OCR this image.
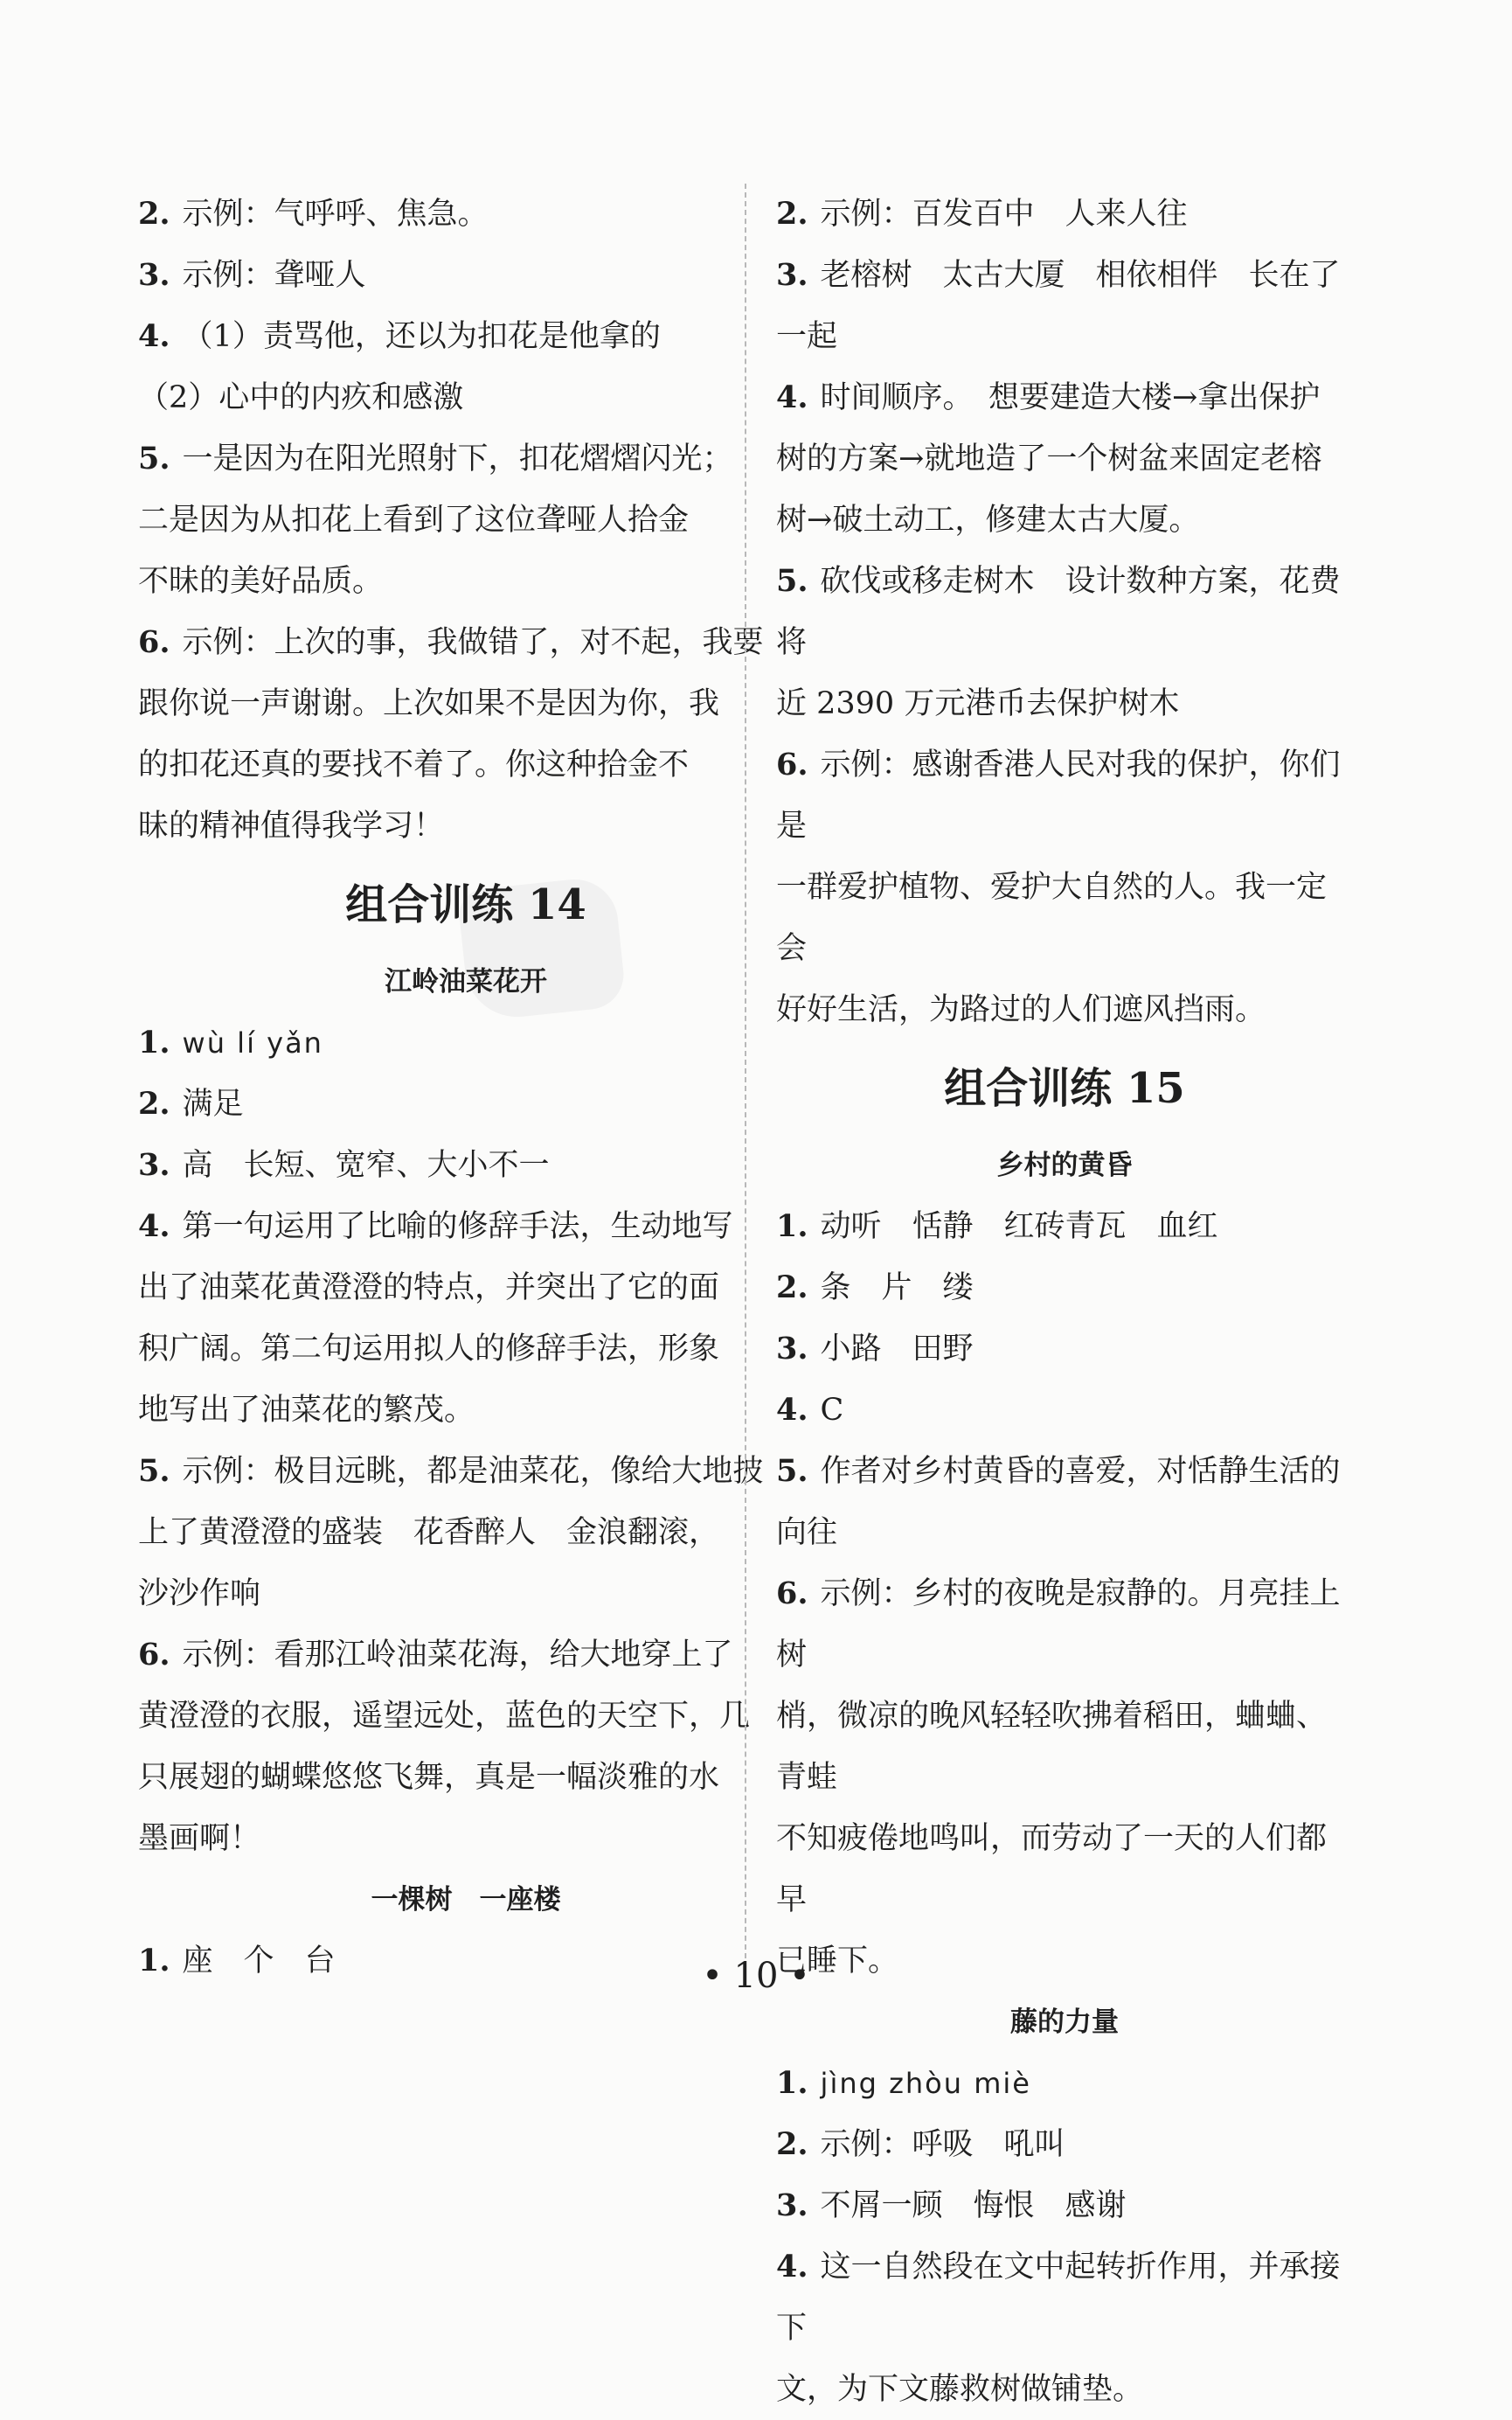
2. 示例：气呼呼、焦急。

3. 示例：聋哑人

4. （1）责骂他，还以为扣花是他拿的

（2）心中的内疚和感激

5. 一是因为在阳光照射下，扣花熠熠闪光；

二是因为从扣花上看到了这位聋哑人拾金

不昧的美好品质。

6. 示例：上次的事，我做错了，对不起，我要

跟你说一声谢谢。上次如果不是因为你，我

的扣花还真的要找不着了。你这种拾金不

昧的精神值得我学习！

组合训练 14
江岭油菜花开

1. wù lí yǎn

2. 满足

3. 高　长短、宽窄、大小不一

4. 第一句运用了比喻的修辞手法，生动地写

出了油菜花黄澄澄的特点，并突出了它的面

积广阔。第二句运用拟人的修辞手法，形象

地写出了油菜花的繁茂。

5. 示例：极目远眺，都是油菜花，像给大地披

上了黄澄澄的盛装　花香醉人　金浪翻滚，

沙沙作响

6. 示例：看那江岭油菜花海，给大地穿上了

黄澄澄的衣服，遥望远处，蓝色的天空下，几

只展翅的蝴蝶悠悠飞舞，真是一幅淡雅的水

墨画啊！

一棵树　一座楼

1. 座　个　台

2. 示例：百发百中　人来人往

3. 老榕树　太古大厦　相依相伴　长在了

一起

4. 时间顺序。　想要建造大楼→拿出保护

树的方案→就地造了一个树盆来固定老榕

树→破土动工，修建太古大厦。

5. 砍伐或移走树木　设计数种方案，花费将

近 2390 万元港币去保护树木

6. 示例：感谢香港人民对我的保护，你们是

一群爱护植物、爱护大自然的人。我一定会

好好生活，为路过的人们遮风挡雨。

组合训练 15
乡村的黄昏

1. 动听　恬静　红砖青瓦　血红

2. 条　片　缕

3. 小路　田野

4. C

5. 作者对乡村黄昏的喜爱，对恬静生活的

向往

6. 示例：乡村的夜晚是寂静的。月亮挂上树

梢，微凉的晚风轻轻吹拂着稻田，蛐蛐、青蛙

不知疲倦地鸣叫，而劳动了一天的人们都早

已睡下。

藤的力量

1. jìng zhòu miè

2. 示例：呼吸　吼叫

3. 不屑一顾　悔恨　感谢

4. 这一自然段在文中起转折作用，并承接下

文，为下文藤救树做铺垫。

• 10 •
